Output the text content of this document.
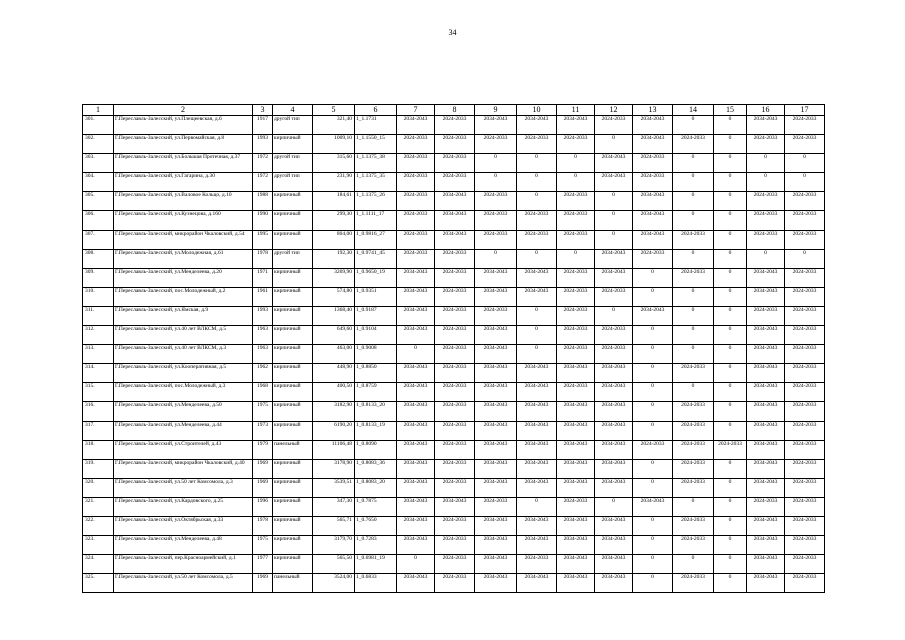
34
1	2	3	4	5	6	7	8	9	10	11	12	13	14	15	16	17
301.	Г.Переславль-Залесский, ул.Плещеевская, д.6	1917	другой тип	321,40	1_1.1731	2034-2043	2024-2033	2034-2043	2034-2043	2034-2043	2024-2033	2034-2043	0	0	2034-2043	2024-2033
302.	Г.Переславль-Залесский, ул.Первомайская, д.8	1993	кирпичный	1009,10	1_1.1550_15	2024-2033	2024-2033	2024-2033	2024-2033	2024-2033	0	2034-2043	2024-2033	0	2024-2033	2024-2033
303.	Г.Переславль-Залесский, ул.Большая Протечная, д.37	1972	другой тип	315,60	1_1.1375_38	2024-2033	2024-2033	0	0	0	2034-2043	2024-2033	0	0	0	0
304.	Г.Переславль-Залесский, ул.Гагарина, д.30	1972	другой тип	231,90	1_1.1375_35	2024-2033	2024-2033	0	0	0	2034-2043	2024-2033	0	0	0	0
305.	Г.Переславль-Залесский, ул.Валовое Кольцо, д.10	1988	кирпичный	184,61	1_1.1375_26	2024-2033	2034-2043	2024-2033	0	2024-2033	0	2034-2043	0	0	2024-2033	2024-2033
306.	Г.Переславль-Залесский, ул.Кузнецова, д.160	1990	кирпичный	299,30	1_1.1111_17	2024-2033	2034-2043	2024-2033	2024-2033	2024-2033	0	2034-2043	0	0	2024-2033	2024-2033
307.	Г.Переславль-Залесский, микрорайон Чкаловский, д.54	1995	кирпичный	804,00	1_0.9816_27	2024-2033	2034-2043	2024-2033	2024-2033	2024-2033	0	2034-2043	2024-2033	0	2024-2033	2024-2033
308.	Г.Переславль-Залесский, ул.Молодежная, д.61	1978	другой тип	192,30	1_0.9741_45	2024-2033	2024-2033	0	0	0	2034-2043	2024-2033	0	0	0	0
309.	Г.Переславль-Залесский, ул.Менделеева, д.20	1971	кирпичный	3269,90	1_0.9650_19	2034-2043	2024-2033	2034-2043	2034-2043	2024-2033	2034-2043	0	2024-2033	0	2034-2043	2024-2033
310.	Г.Переславль-Залесский, пос.Молодежный, д.2	1961	кирпичный	574,80	1_0.9351	2034-2043	2024-2033	2034-2043	2034-2043	2024-2033	2024-2033	0	0	0	2034-2043	2024-2033
311.	Г.Переславль-Залесский, ул.Ямская, д.9	1993	кирпичный	1368,40	1_0.9187	2034-2043	2024-2033	2024-2033	0	2024-2033	0	2034-2043	0	0	2024-2033	2024-2033
312.	Г.Переславль-Залесский, ул.40 лет ВЛКСМ, д.5	1963	кирпичный	649,60	1_0.9104	2034-2043	2024-2033	2034-2043	0	2024-2033	2024-2033	0	0	0	2034-2043	2024-2033
313.	Г.Переславль-Залесский, ул.40 лет ВЛКСМ, д.3	1963	кирпичный	463,00	1_0.9008	0	2024-2033	2034-2043	0	2024-2033	2024-2033	0	0	0	2034-2043	2024-2033
314.	Г.Переславль-Залесский, ул.Кооперативная, д.5	1962	кирпичный	448,90	1_0.8850	2034-2043	2024-2033	2034-2043	2034-2043	2034-2043	2034-2043	0	2024-2033	0	2034-2043	2024-2033
315.	Г.Переславль-Залесский, пос.Молодежный, д.3	1968	кирпичный	400,50	1_0.8759	2034-2043	2024-2033	2034-2043	2034-2043	2024-2033	2034-2043	0	0	0	2034-2043	2024-2033
316.	Г.Переславль-Залесский, ул.Менделеева, д.50	1975	кирпичный	3182,90	1_0.8133_20	2034-2043	2024-2033	2034-2043	2034-2043	2034-2043	2034-2043	0	2024-2033	0	2034-2043	2024-2033
317.	Г.Переславль-Залесский, ул.Менделеева, д.44	1973	кирпичный	6190,20	1_0.8133_19	2034-2043	2024-2033	2034-2043	2034-2043	2034-2043	2034-2043	0	2024-2033	0	2034-2043	2024-2033
318.	Г.Переславль-Залесский, ул.Строителей, д.43	1979	панельный	11106,48	1_0.8090	2034-2043	2024-2033	2034-2043	2034-2043	2034-2043	2034-2043	2024-2033	2024-2033	2024-2033	2034-2043	2024-2033
319.	Г.Переславль-Залесский, микрорайон Чкаловский, д.40	1969	кирпичный	3178,90	1_0.8083_36	2034-2043	2024-2033	2034-2043	2034-2043	2034-2043	2034-2043	0	2024-2033	0	2034-2043	2024-2033
320.	Г.Переславль-Залесский, ул.50 лет Комсомола, д.3	1969	кирпичный	3539,51	1_0.8083_20	2034-2043	2024-2033	2034-2043	2034-2043	2034-2043	2034-2043	0	2024-2033	0	2034-2043	2024-2033
321.	Г.Переславль-Залесский, ул.Кардовского, д.25	1996	кирпичный	347,30	1_0.7875	2034-2043	2034-2043	2024-2033	0	2024-2033	0	2034-2043	0	0	2024-2033	2024-2033
322.	Г.Переславль-Залесский, ул.Октябрьская, д.33	1978	кирпичный	565,71	1_0.7650	2034-2043	2024-2033	2034-2043	2034-2043	2034-2043	2034-2043	0	2024-2033	0	2034-2043	2024-2033
323.	Г.Переславль-Залесский, ул.Менделеева, д.48	1975	кирпичный	3179,70	1_0.7283	2034-2043	2024-2033	2034-2043	2034-2043	2034-2043	2034-2043	0	2024-2033	0	2034-2043	2024-2033
324.	Г.Переславль-Залесский, пер.Красноармейский, д.1	1977	кирпичный	565,50	1_0.6981_19	0	2024-2033	2034-2043	2024-2033	2034-2043	2034-2043	0	0	0	2034-2043	2024-2033
325.	Г.Переславль-Залесский, ул.50 лет Комсомола, д.5	1969	панельный	3524,00	1_0.6833	2034-2043	2024-2033	2034-2043	2034-2043	2034-2043	2034-2043	0	2024-2033	0	2034-2043	2024-2033
